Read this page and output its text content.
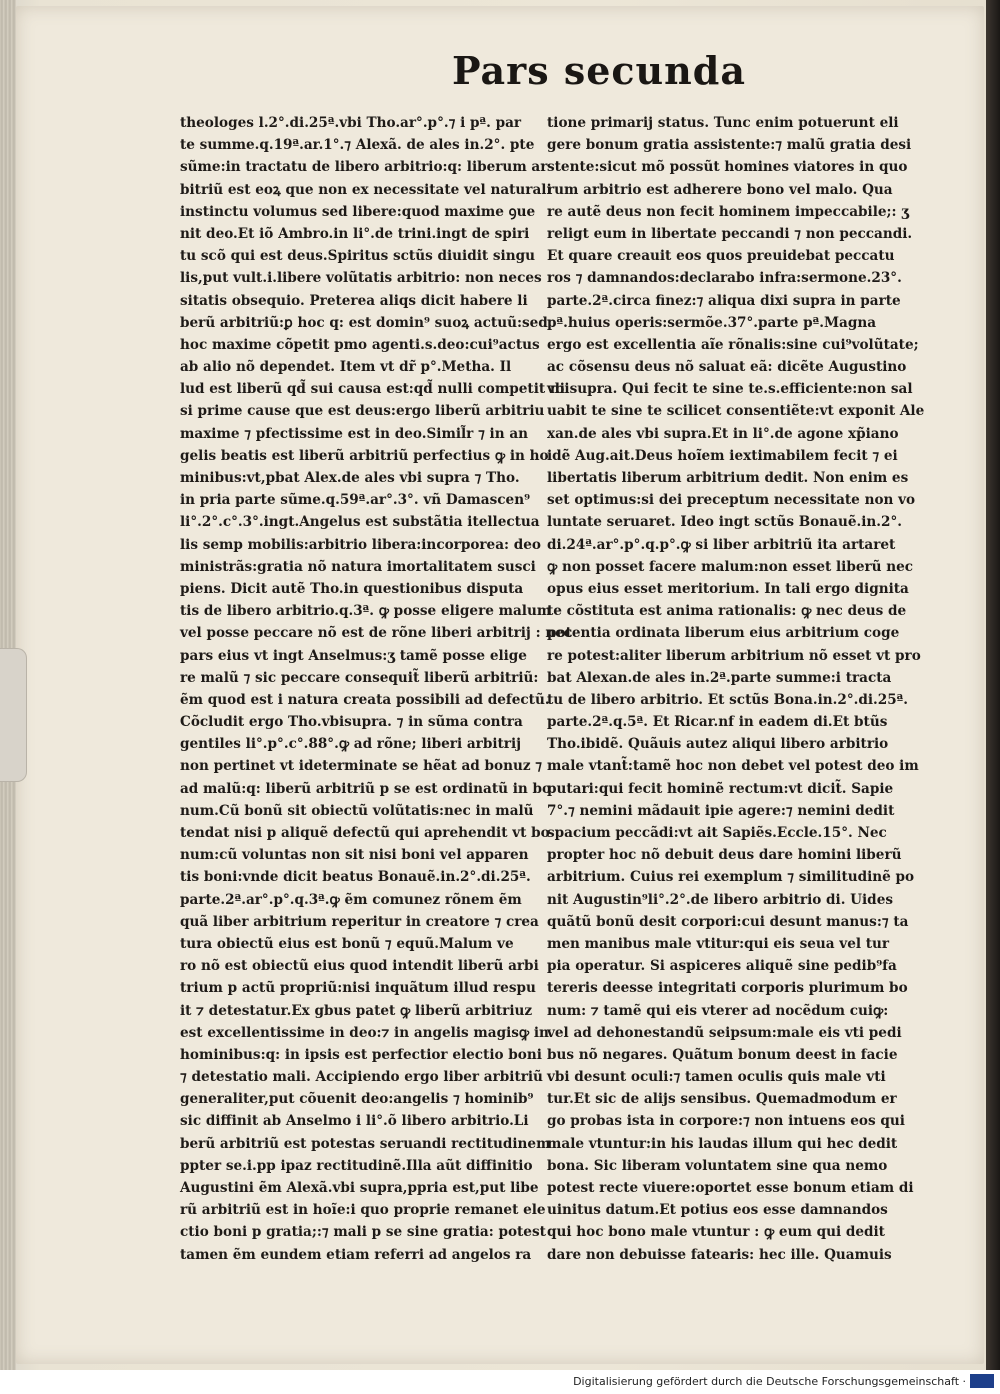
Pars secunda
theologes l.2°.di.25ª.vbi Tho.ar°.p°.⁊ i pª. par
te summe.q.19ª.ar.1°.⁊ Alexã. de ales in.2°. pte
sũme:in tractatu de libero arbitrio:q: liberum ar
bitriũ est eoꝝ que non ex necessitate vel naturali
instinctu volumus sed libere:quod maxime ꝯue
nit deo.Et iõ Ambro.in li°.de trini.ingt de spiri
tu scõ qui est deus.Spiritus sctũs diuidit singu
lis,put vult.i.libere volũtatis arbitrio: non neces
sitatis obsequio. Preterea aliqs dicit habere li
berũ arbitriũ:ꝑ hoc q: est domin⁹ suoꝝ actuũ:sed
hoc maxime cõpetit pmo agenti.s.deo:cui⁹actus
ab alio nõ dependet. Item vt dr̃ p°.Metha. Il
lud est liberũ qd̃ sui causa est:qd̃ nulli competit ni
si prime cause que est deus:ergo liberũ arbitriu
maxime ⁊ pfectissime est in deo.Simil̃r ⁊ in an
gelis beatis est liberũ arbitriũ perfectius ꝙ in ho
minibus:vt,pbat Alex.de ales vbi supra ⁊ Tho.
in pria parte sũme.q.59ª.ar°.3°. vñ Damascen⁹
li°.2°.c°.3°.ingt.Angelus est substãtia itellectua
lis semp mobilis:arbitrio libera:incorporea: deo
ministrãs:gratia nõ natura imortalitatem susci
piens. Dicit autẽ Tho.in questionibus disputa
tis de libero arbitrio.q.3ª. ꝙ posse eligere malum
vel posse peccare nõ est de rõne liberi arbitrij : nec
pars eius vt ingt Anselmus:ʒ tamẽ posse elige
re malũ ⁊ sic peccare consequit̃ liberũ arbitriũ:
ẽm quod est i natura creata possibili ad defectũ.
Cõcludit ergo Tho.vbisupra. ⁊ in sũma contra
gentiles li°.p°.c°.88°.ꝙ ad rõne; liberi arbitrij
non pertinet vt ideterminate se hẽat ad bonuz ⁊
ad malũ:q: liberũ arbitriũ p se est ordinatũ in bo
num.Cũ bonũ sit obiectũ volũtatis:nec in malũ
tendat nisi p aliquẽ defectũ qui aprehendit vt bo
num:cũ voluntas non sit nisi boni vel apparen
tis boni:vnde dicit beatus Bonauẽ.in.2°.di.25ª.
parte.2ª.ar°.p°.q.3ª.ꝙ ẽm comunez rõnem ẽm
quã liber arbitrium reperitur in creatore ⁊ crea
tura obiectũ eius est bonũ ⁊ equũ.Malum ve
ro nõ est obiectũ eius quod intendit liberũ arbi
trium p actũ propriũ:nisi inquãtum illud respu
it ⁊ detestatur.Ex gbus patet ꝙ liberũ arbitriuz
est excellentissime in deo:⁊ in angelis magisꝙ in
hominibus:q: in ipsis est perfectior electio boni
⁊ detestatio mali. Accipiendo ergo liber arbitriũ
generaliter,put cõuenit deo:angelis ⁊ hominib⁹
sic diffinit ab Anselmo i li°.õ libero arbitrio.Li
berũ arbitriũ est potestas seruandi rectitudinem
ppter se.i.pp ipaz rectitudinẽ.Illa aũt diffinitio
Augustini ẽm Alexã.vbi supra,ppria est,put libe
rũ arbitriũ est in hoĩe:i quo proprie remanet ele
ctio boni p gratia;:⁊ mali p se sine gratia: potest
tamen ẽm eundem etiam referri ad angelos ra
tione primarij status. Tunc enim potuerunt eli
gere bonum gratia assistente:⁊ malũ gratia desi
stente:sicut mõ possũt homines viatores in quo
rum arbitrio est adherere bono vel malo. Qua
re autẽ deus non fecit hominem impeccabile;: ʒ
religt eum in libertate peccandi ⁊ non peccandi.
Et quare creauit eos quos preuidebat peccatu
ros ⁊ damnandos:declarabo infra:sermone.23°.
parte.2ª.circa finez:⁊ aliqua dixi supra in parte
pª.huius operis:sermõe.37°.parte pª.Magna
ergo est excellentia aĩe rõnalis:sine cui⁹volũtate;
ac cõsensu deus nõ saluat eã: dicẽte Augustino
vbisupra. Qui fecit te sine te.s.efficiente:non sal
uabit te sine te scilicet consentiẽte:vt exponit Ale
xan.de ales vbi supra.Et in li°.de agone xp̃iano
idẽ Aug.ait.Deus hoĩem iextimabilem fecit ⁊ ei
libertatis liberum arbitrium dedit. Non enim es
set optimus:si dei preceptum necessitate non vo
luntate seruaret. Ideo ingt sctũs Bonauẽ.in.2°.
di.24ª.ar°.p°.q.p°.ꝙ si liber arbitriũ ita artaret
ꝙ non posset facere malum:non esset liberũ nec
opus eius esset meritorium. In tali ergo dignita
te cõstituta est anima rationalis: ꝙ nec deus de
potentia ordinata liberum eius arbitrium coge
re potest:aliter liberum arbitrium nõ esset vt pro
bat Alexan.de ales in.2ª.parte summe:i tracta
tu de libero arbitrio. Et sctũs Bona.in.2°.di.25ª.
parte.2ª.q.5ª. Et Ricar.nf in eadem di.Et btũs
Tho.ibidẽ. Quãuis autez aliqui libero arbitrio
male vtant̃:tamẽ hoc non debet vel potest deo im
putari:qui fecit hominẽ rectum:vt dicit̃. Sapie
7°.⁊ nemini mãdauit ipie agere:⁊ nemini dedit
spacium peccãdi:vt ait Sapiẽs.Eccle.15°. Nec
propter hoc nõ debuit deus dare homini liberũ
arbitrium. Cuius rei exemplum ⁊ similitudinẽ po
nit Augustin⁹li°.2°.de libero arbitrio di. Uides
quãtũ bonũ desit corpori:cui desunt manus:⁊ ta
men manibus male vtitur:qui eis seua vel tur
pia operatur. Si aspiceres aliquẽ sine pedib⁹fa
tereris deesse integritati corporis plurimum bo
num: ⁊ tamẽ qui eis vterer ad nocẽdum cuiꝙ:
vel ad dehonestandũ seipsum:male eis vti pedi
bus nõ negares. Quãtum bonum deest in facie
vbi desunt oculi:⁊ tamen oculis quis male vti
tur.Et sic de alijs sensibus. Quemadmodum er
go probas ista in corpore:⁊ non intuens eos qui
male vtuntur:in his laudas illum qui hec dedit
bona. Sic liberam voluntatem sine qua nemo
potest recte viuere:oportet esse bonum etiam di
uinitus datum.Et potius eos esse damnandos
qui hoc bono male vtuntur : ꝙ eum qui dedit
dare non debuisse fatearis: hec ille. Quamuis
Digitalisierung gefördert durch die Deutsche Forschungsgemeinschaft ·
